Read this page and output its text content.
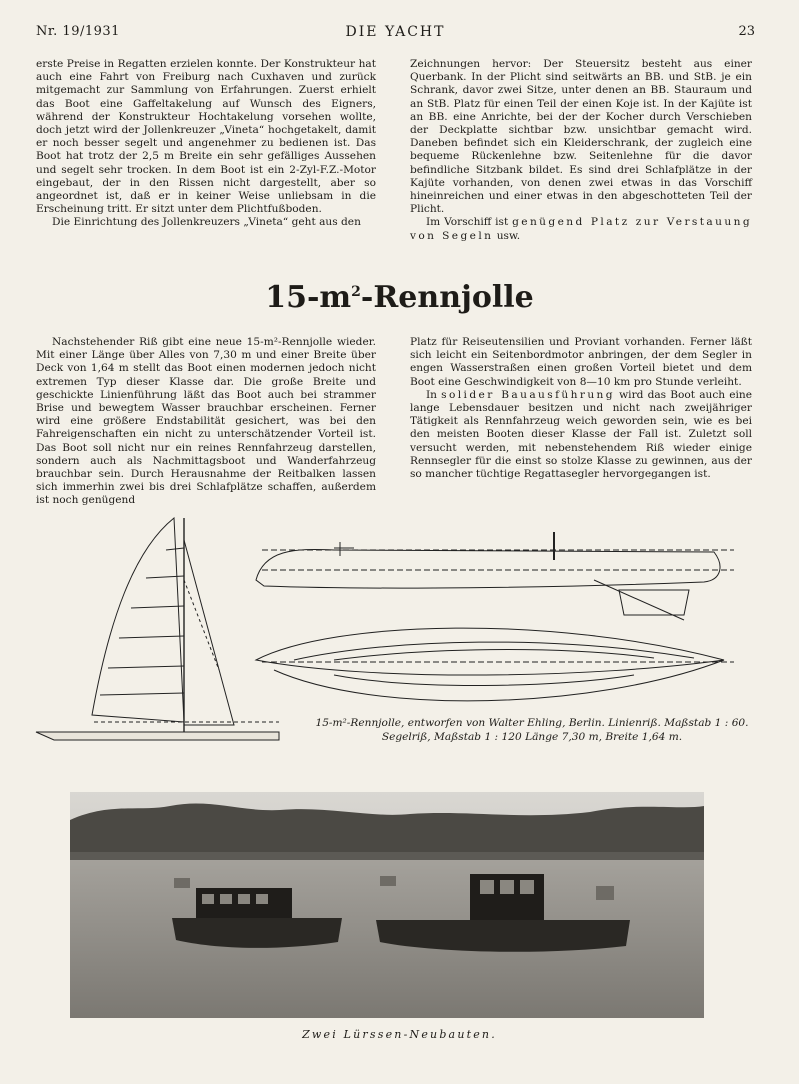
Nr. 19/1931	DIE YACHT	23

erste Preise in Regatten erzielen konnte. Der Konstrukteur hat auch eine Fahrt von Freiburg nach Cuxhaven und zurück mitgemacht zur Sammlung von Erfahrungen. Zuerst erhielt das Boot eine Gaffeltakelung auf Wunsch des Eigners, während der Konstrukteur Hochtakelung vorsehen wollte, doch jetzt wird der Jollenkreuzer „Vineta“ hochgetakelt, damit er noch besser segelt und angenehmer zu bedienen ist. Das Boot hat trotz der 2,5 m Breite ein sehr gefälliges Aussehen und segelt sehr trocken. In dem Boot ist ein 2-Zyl-F.Z.-Motor eingebaut, der in den Rissen nicht dargestellt, aber so angeordnet ist, daß er in keiner Weise unliebsam in die Erscheinung tritt. Er sitzt unter dem Plichtfußboden.

Die Einrichtung des Jollenkreuzers „Vineta“ geht aus den

Zeichnungen hervor: Der Steuersitz besteht aus einer Querbank. In der Plicht sind seitwärts an BB. und StB. je ein Schrank, davor zwei Sitze, unter denen an BB. Stauraum und an StB. Platz für einen Teil der einen Koje ist. In der Kajüte ist an BB. eine Anrichte, bei der der Kocher durch Verschieben der Deckplatte sichtbar bzw. unsichtbar gemacht wird. Daneben befindet sich ein Kleiderschrank, der zugleich eine bequeme Rückenlehne bzw. Seitenlehne für die davor befindliche Sitzbank bildet. Es sind drei Schlafplätze in der Kajüte vorhanden, von denen zwei etwas in das Vorschiff hineinreichen und einer etwas in den abgeschotteten Teil der Plicht.

Im Vorschiff ist genügend Platz zur Verstauung von Segeln usw.

$15-m^2$-Rennjolle

Nachstehender Riß gibt eine neue 15-m²-Rennjolle wieder. Mit einer Länge über Alles von 7,30 m und einer Breite über Deck von 1,64 m stellt das Boot einen modernen jedoch nicht extremen Typ dieser Klasse dar. Die große Breite und geschickte Linienführung läßt das Boot auch bei strammer Brise und bewegtem Wasser brauchbar erscheinen. Ferner wird eine größere Endstabilität gesichert, was bei den Fahreigenschaften ein nicht zu unterschätzender Vorteil ist. Das Boot soll nicht nur ein reines Rennfahrzeug darstellen, sondern auch als Nachmittagsboot und Wanderfahrzeug brauchbar sein. Durch Herausnahme der Reitbalken lassen sich immerhin zwei bis drei Schlafplätze schaffen, außerdem ist noch genügend

Platz für Reiseutensilien und Proviant vorhanden. Ferner läßt sich leicht ein Seitenbordmotor anbringen, der dem Segler in engen Wasserstraßen einen großen Vorteil bietet und dem Boot eine Geschwindigkeit von 8—10 km pro Stunde verleiht.

In solider Bauausführung wird das Boot auch eine lange Lebensdauer besitzen und nicht nach zweijähriger Tätigkeit als Rennfahrzeug weich geworden sein, wie es bei den meisten Booten dieser Klasse der Fall ist. Zuletzt soll versucht werden, mit nebenstehendem Riß wieder einige Rennsegler für die einst so stolze Klasse zu gewinnen, aus der so mancher tüchtige Regattasegler hervorgegangen ist.

15-m²-Rennjolle, entworfen von Walter Ehling, Berlin. Linienriß. Maßstab 1 : 60.
Segelriß, Maßstab 1 : 120 Länge 7,30 m, Breite 1,64 m.
Zwei Lürssen-Neubauten.
